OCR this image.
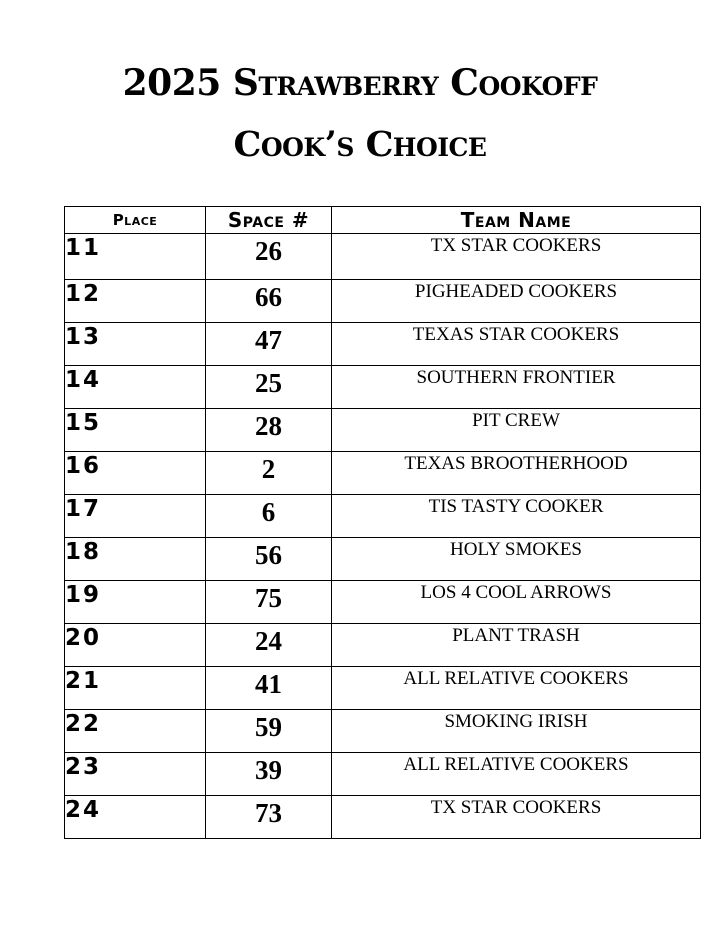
2025 Strawberry Cookoff
Cook’s Choice
Place	Space #	Team Name
11	26	TX STAR COOKERS
12	66	PIGHEADED COOKERS
13	47	TEXAS STAR COOKERS
14	25	SOUTHERN FRONTIER
15	28	PIT CREW
16	2	TEXAS BROOTHERHOOD
17	6	TIS TASTY COOKER
18	56	HOLY SMOKES
19	75	LOS 4 COOL ARROWS
20	24	PLANT TRASH
21	41	ALL RELATIVE COOKERS
22	59	SMOKING IRISH
23	39	ALL RELATIVE COOKERS
24	73	TX STAR COOKERS
